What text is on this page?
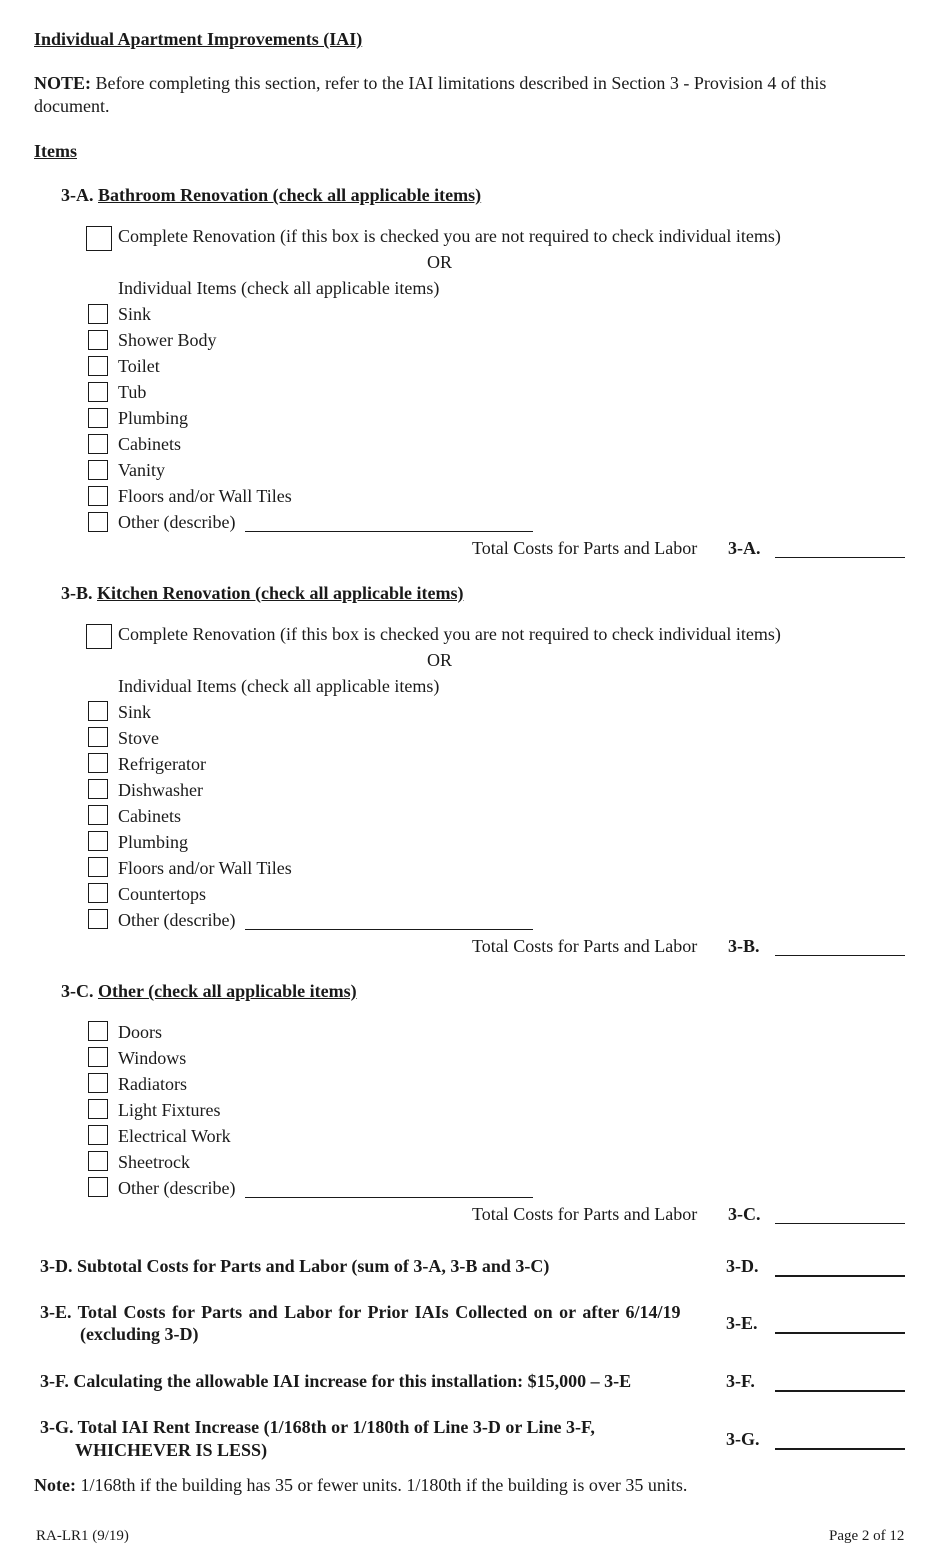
Individual Apartment Improvements (IAI)
NOTE: Before completing this section, refer to the IAI limitations described in Section 3 - Provision 4 of this
document.
Items
3-A. Bathroom Renovation (check all applicable items)
Complete Renovation (if this box is checked you are not required to check individual items)
OR
Individual Items (check all applicable items)
Sink
Shower Body
Toilet
Tub
Plumbing
Cabinets
Vanity
Floors and/or Wall Tiles
Other (describe)
Total Costs for Parts and Labor 3-A.
3-B. Kitchen Renovation (check all applicable items)
Complete Renovation (if this box is checked you are not required to check individual items)
OR
Individual Items (check all applicable items)
Sink
Stove
Refrigerator
Dishwasher
Cabinets
Plumbing
Floors and/or Wall Tiles
Countertops
Other (describe)
Total Costs for Parts and Labor 3-B.
3-C. Other (check all applicable items)
Doors
Windows
Radiators
Light Fixtures
Electrical Work
Sheetrock
Other (describe)
Total Costs for Parts and Labor 3-C.
3-D. Subtotal Costs for Parts and Labor (sum of 3-A, 3-B and 3-C)	3-D.
3-E. Total Costs for Parts and Labor for Prior IAIs Collected on or after 6/14/19
(excluding 3-D)
3-E.
3-F. Calculating the allowable IAI increase for this installation: $15,000 – 3-E	3-F.
3-G. Total IAI Rent Increase (1/168th or 1/180th of Line 3-D or Line 3-F,
WHICHEVER IS LESS)
3-G.
Note: 1/168th if the building has 35 or fewer units. 1/180th if the building is over 35 units.
RA-LR1 (9/19)	Page 2 of 12
